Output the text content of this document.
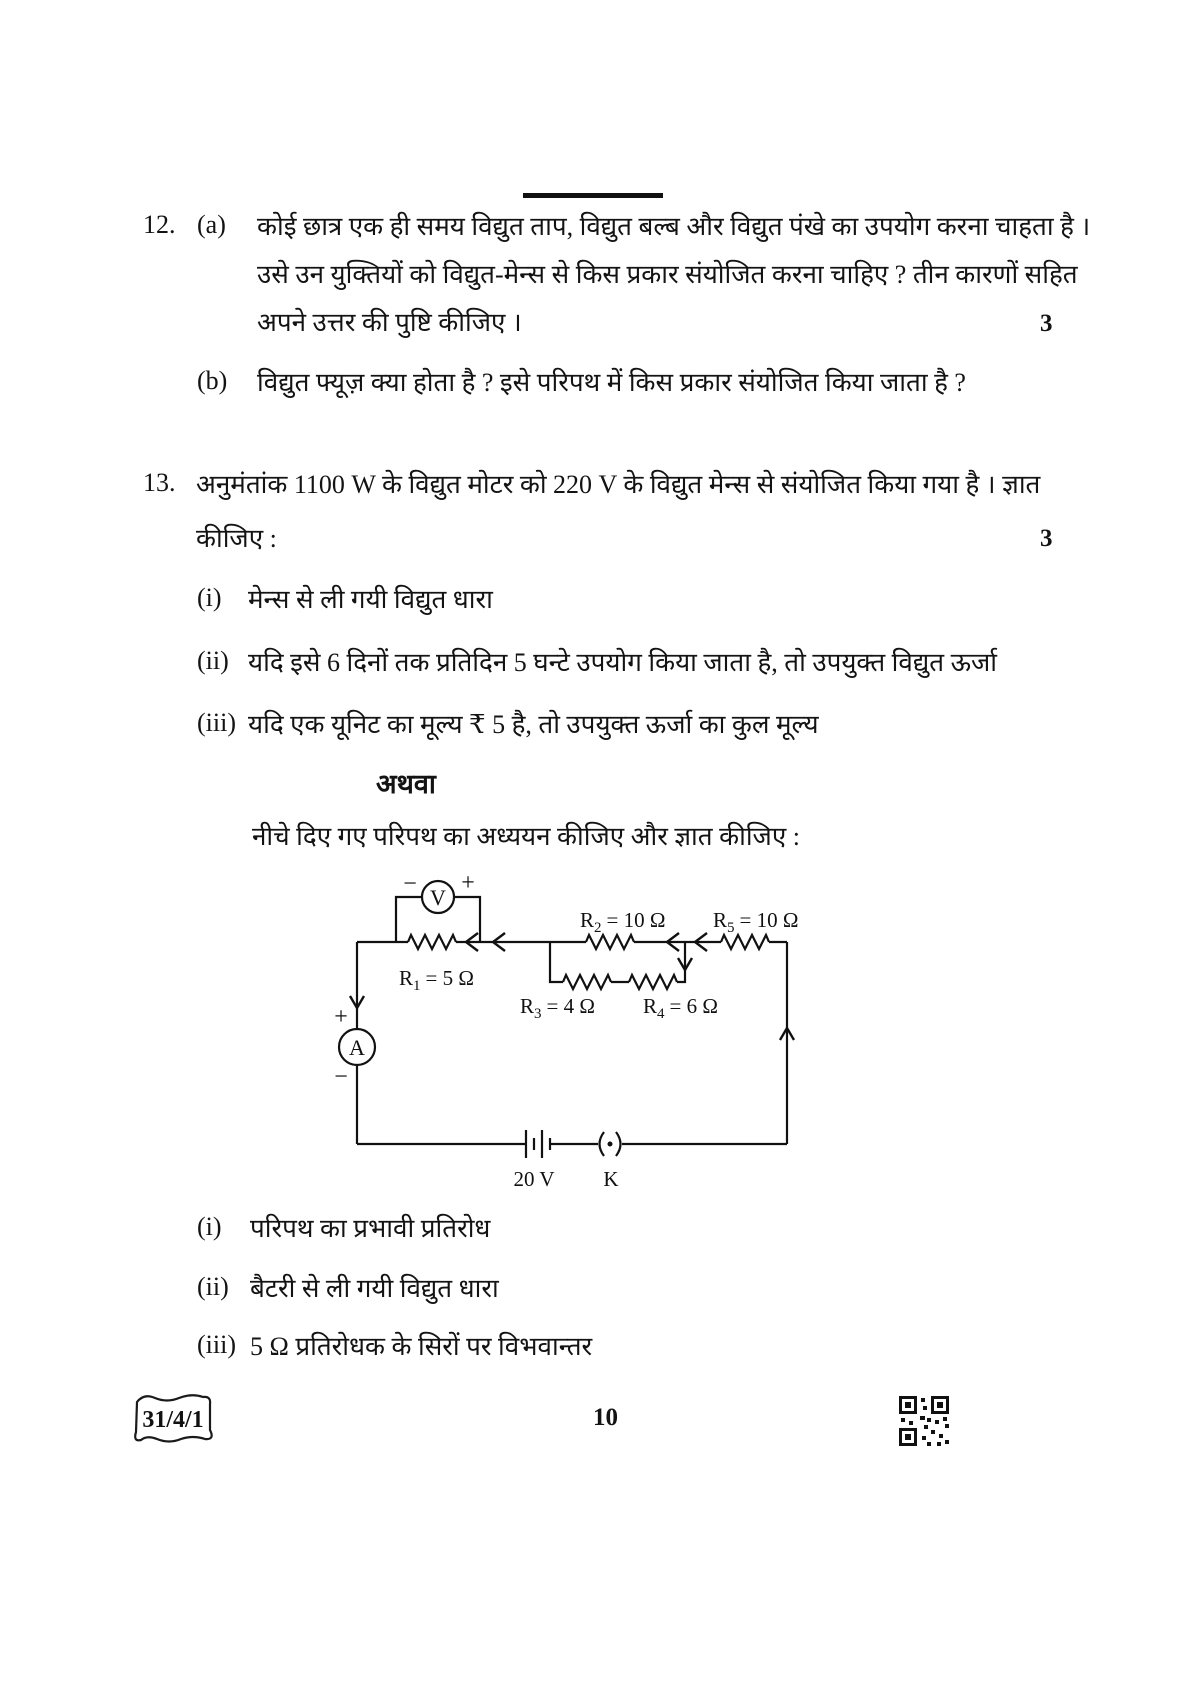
12. (a) कोई छात्र एक ही समय विद्युत ताप, विद्युत बल्ब और विद्युत पंखे का उपयोग करना चाहता है ।
उसे उन युक्तियों को विद्युत-मेन्स से किस प्रकार संयोजित करना चाहिए ? तीन कारणों सहित
अपने उत्तर की पुष्टि कीजिए ।	3
(b) विद्युत फ्यूज़ क्या होता है ? इसे परिपथ में किस प्रकार संयोजित किया जाता है ?
13. अनुमंतांक 1100 W के विद्युत मोटर को 220 V के विद्युत मेन्स से संयोजित किया गया है । ज्ञात
कीजिए :	3
(i) मेन्स से ली गयी विद्युत धारा
(ii) यदि इसे 6 दिनों तक प्रतिदिन 5 घन्टे उपयोग किया जाता है, तो उपयुक्त विद्युत ऊर्जा
(iii) यदि एक यूनिट का मूल्य ₹ 5 है, तो उपयुक्त ऊर्जा का कुल मूल्य
अथवा
नीचे दिए गए परिपथ का अध्ययन कीजिए और ज्ञात कीजिए :
V
− +
A
+
−
$R_1 = 5$ Ω
$R_2 = 10$ Ω
$R_3 = 4$ Ω $R_4 = 6$ Ω
$R_5 = 10$ Ω
20 V K
(i) परिपथ का प्रभावी प्रतिरोध
(ii) बैटरी से ली गयी विद्युत धारा
(iii) 5 Ω प्रतिरोधक के सिरों पर विभवान्तर
31/4/1	10
